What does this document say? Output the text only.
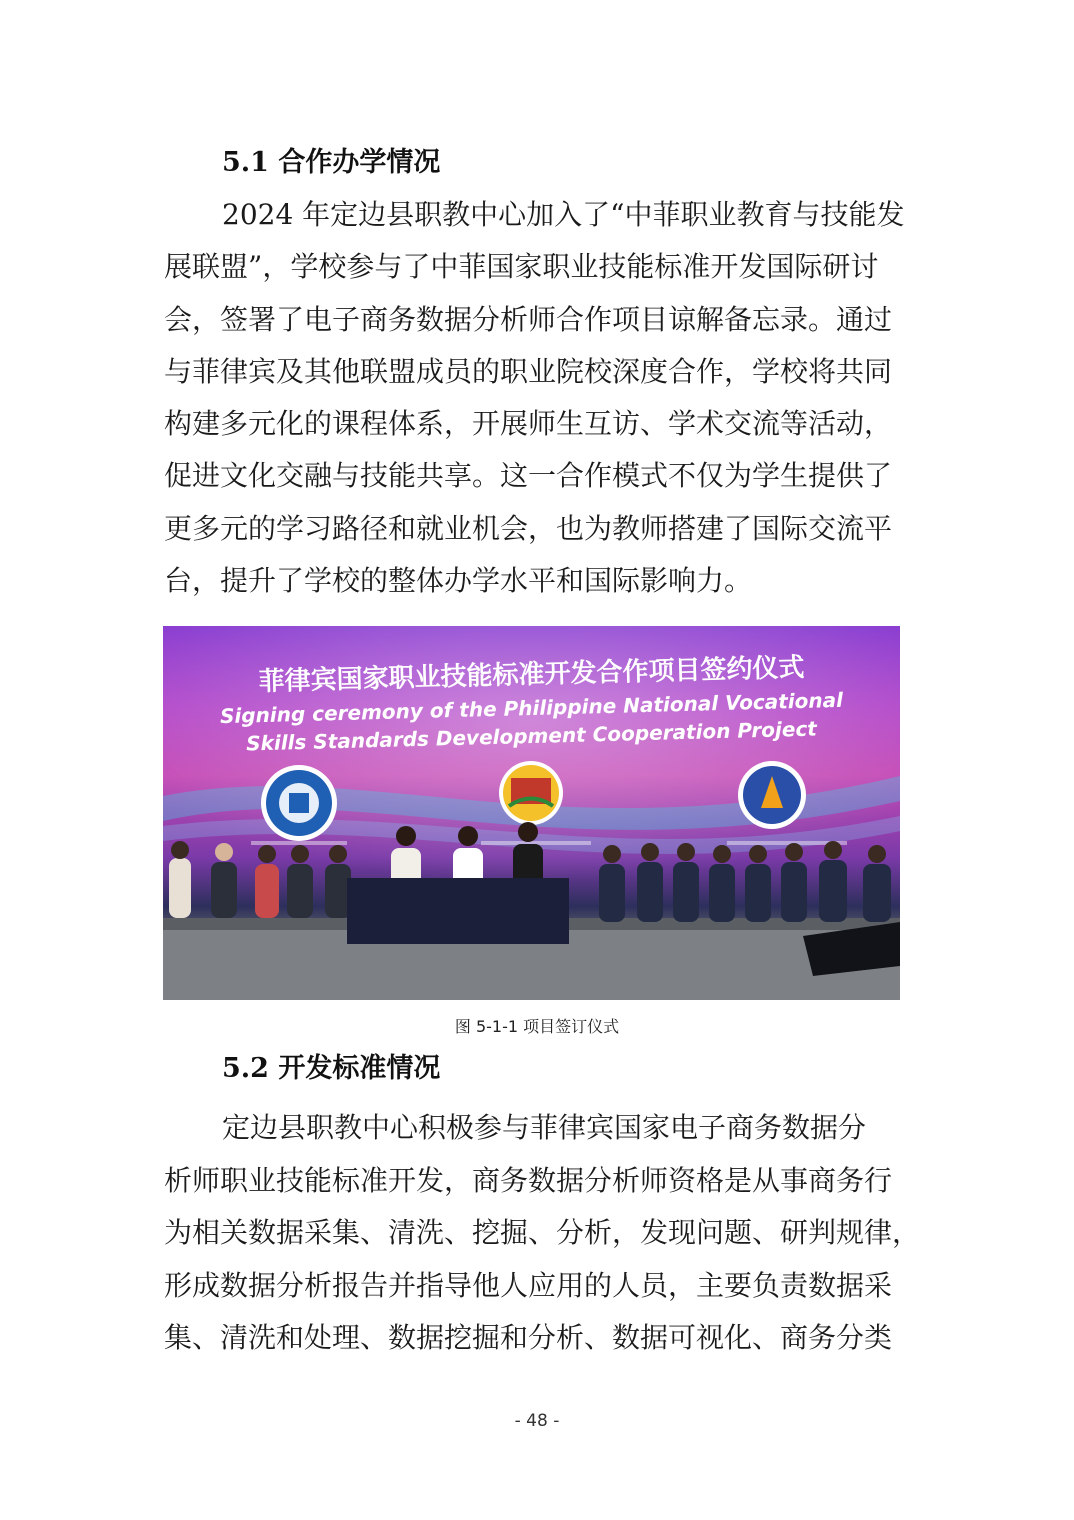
5.1 合作办学情况
2024 年定边县职教中心加入了“中菲职业教育与技能发
展联盟”，学校参与了中菲国家职业技能标准开发国际研讨
会，签署了电子商务数据分析师合作项目谅解备忘录。通过
与菲律宾及其他联盟成员的职业院校深度合作，学校将共同
构建多元化的课程体系，开展师生互访、学术交流等活动，
促进文化交融与技能共享。这一合作模式不仅为学生提供了
更多元的学习路径和就业机会，也为教师搭建了国际交流平
台，提升了学校的整体办学水平和国际影响力。
菲律宾国家职业技能标准开发合作项目签约仪式
Signing ceremony of the Philippine National Vocational
Skills Standards Development Cooperation Project
图 5-1-1 项目签订仪式
5.2 开发标准情况
定边县职教中心积极参与菲律宾国家电子商务数据分
析师职业技能标准开发，商务数据分析师资格是从事商务行
为相关数据采集、清洗、挖掘、分析，发现问题、研判规律，
形成数据分析报告并指导他人应用的人员，主要负责数据采
集、清洗和处理、数据挖掘和分析、数据可视化、商务分类
- 48 -
